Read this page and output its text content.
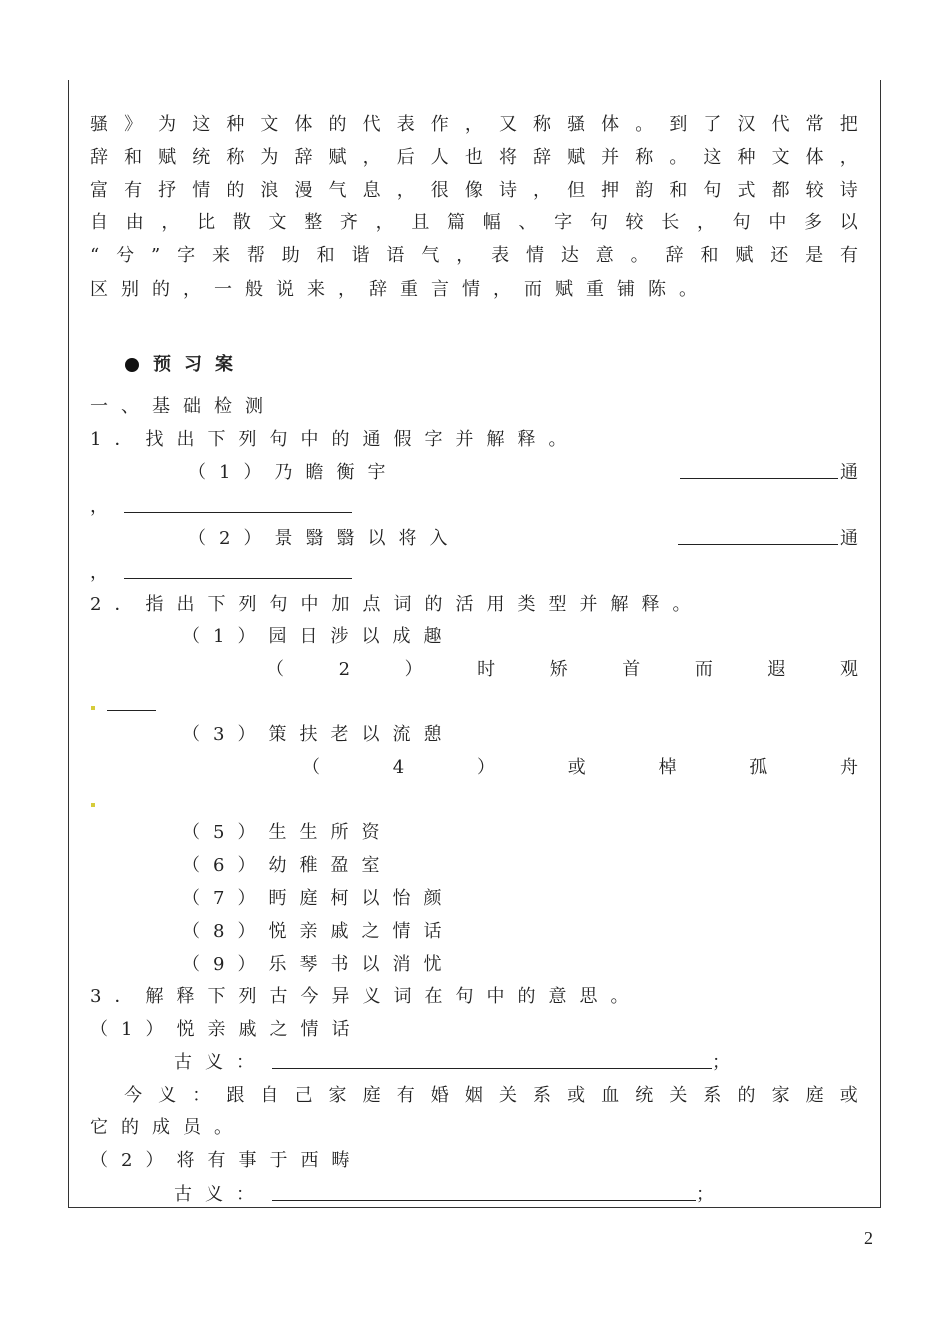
骚 》 为 这 种 文 体 的 代 表 作 ， 又 称 骚 体 。 到 了 汉 代 常 把
辞 和 赋 统 称 为 辞 赋 ， 后 人 也 将 辞 赋 并 称 。 这 种 文 体 ，
富 有 抒 情 的 浪 漫 气 息 ， 很 像 诗 ， 但 押 韵 和 句 式 都 较 诗
自 由 ， 比 散 文 整 齐 ， 且 篇 幅 、 字 句 较 长 ， 句 中 多 以
“ 兮 ” 字 来 帮 助 和 谐 语 气 ， 表 情 达 意 。 辞 和 赋 还 是 有
区别的，一般说来，辞重言情，而赋重铺陈。
预习案
一、基础检测
1．找出下列句中的通假字并解释。
（1）乃瞻衡宇	通
，
（2）景翳翳以将入	通
，
2．指出下列句中加点词的活用类型并解释。
（1）园日涉以成趣
（	2	）	时	矫	首	而	遐	观
（3）策扶老以流憩
（	4	）	或	棹	孤	舟
（5）生生所资
（6）幼稚盈室
（7）眄庭柯以怡颜
（8）悦亲戚之情话
（9）乐琴书以消忧
3．解释下列古今异义词在句中的意思。
（1）悦亲戚之情话
古义：	；
今 义 ： 跟 自 己 家 庭 有 婚 姻 关 系 或 血 统 关 系 的 家 庭 或
它的成员。
（2）将有事于西畴
古义：	；
2
